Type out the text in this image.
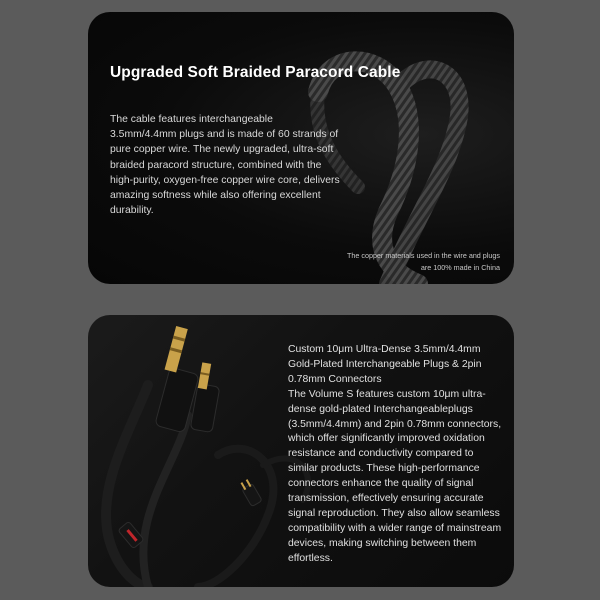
Upgraded Soft Braided Paracord Cable
The cable features interchangeable 3.5mm/4.4mm plugs and is made of 60 strands of pure copper wire. The newly upgraded, ultra-soft braided paracord structure, combined with the high-purity, oxygen-free copper wire core, delivers amazing softness while also offering excellent durability.
The copper materials used in the wire and plugs are 100% made in China
Custom 10μm Ultra-Dense 3.5mm/4.4mm Gold-Plated Interchangeable Plugs & 2pin 0.78mm Connectors
The Volume S features custom 10μm ultra-dense gold-plated Interchangeableplugs (3.5mm/4.4mm) and 2pin 0.78mm connectors, which offer significantly improved oxidation resistance and conductivity compared to similar products. These high-performance connectors enhance the quality of signal transmission, effectively ensuring accurate signal reproduction. They also allow seamless compatibility with a wider range of mainstream devices, making switching between them effortless.
